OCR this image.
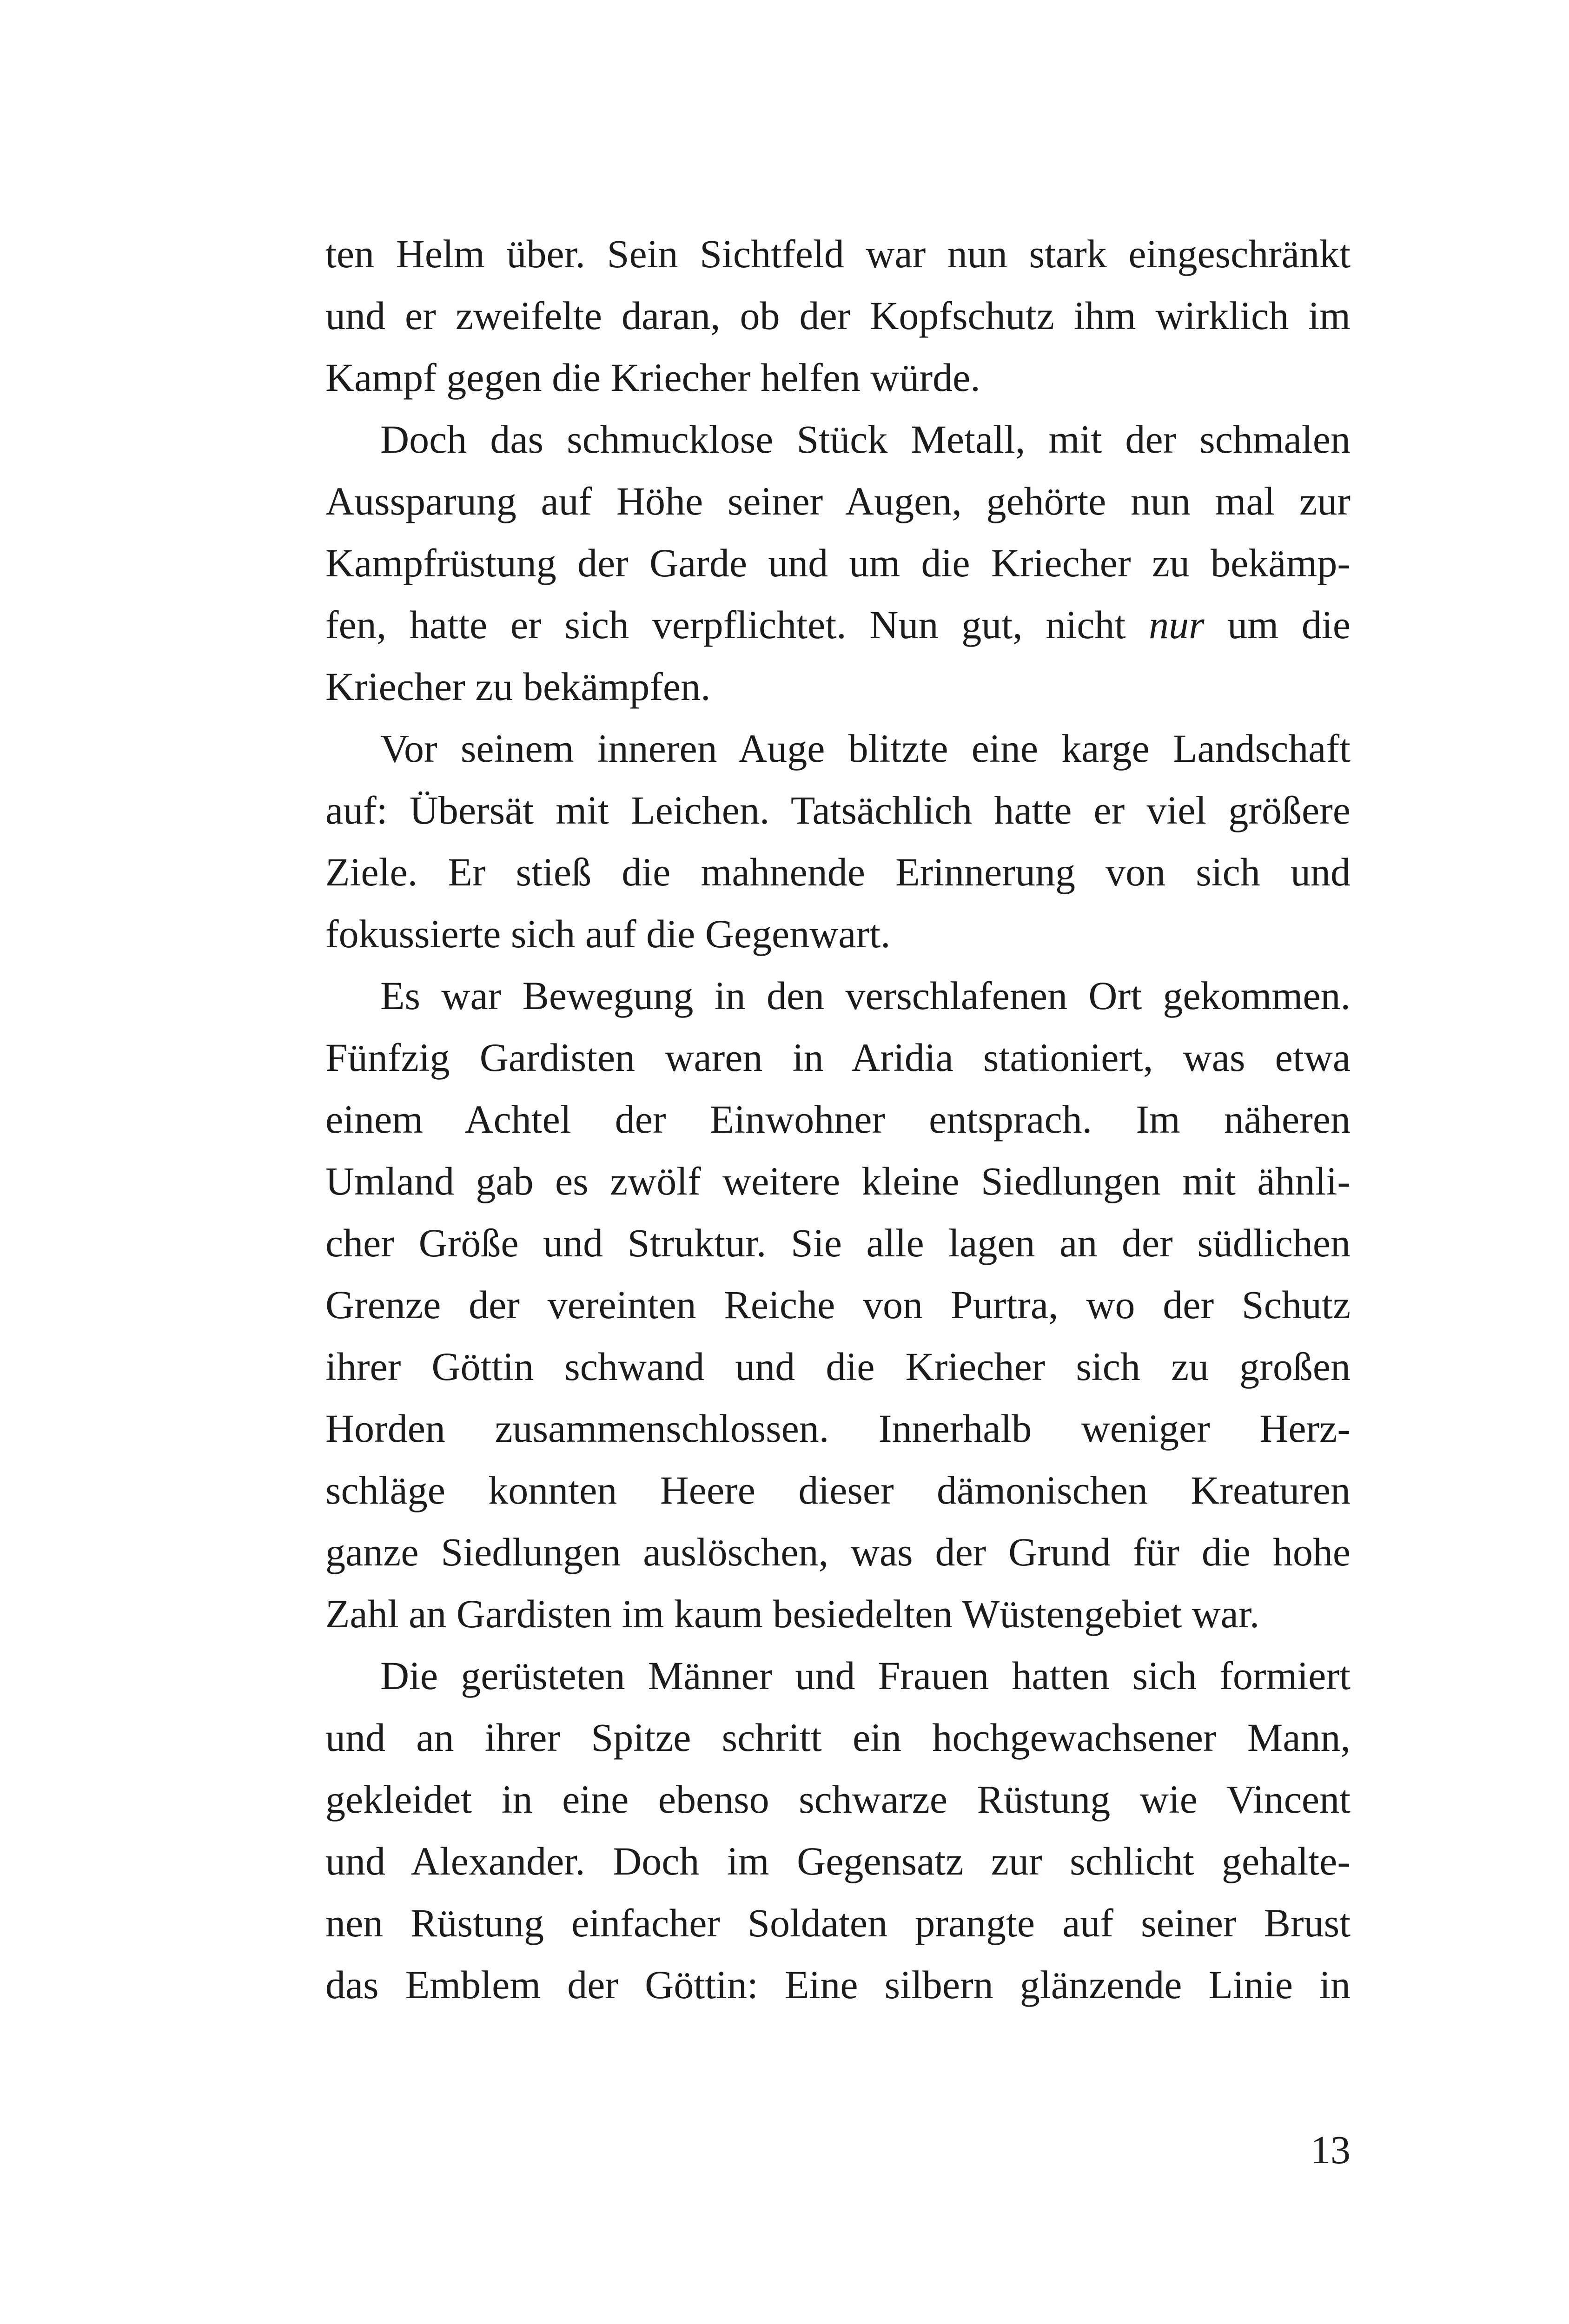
ten Helm über. Sein Sichtfeld war nun stark eingeschränkt
und er zweifelte daran, ob der Kopfschutz ihm wirklich im
Kampf gegen die Kriecher helfen würde.
Doch das schmucklose Stück Metall, mit der schmalen
Aussparung auf Höhe seiner Augen, gehörte nun mal zur
Kampfrüstung der Garde und um die Kriecher zu bekämp-
fen, hatte er sich verpflichtet. Nun gut, nicht nur um die
Kriecher zu bekämpfen.
Vor seinem inneren Auge blitzte eine karge Landschaft
auf: Übersät mit Leichen. Tatsächlich hatte er viel größere
Ziele. Er stieß die mahnende Erinnerung von sich und
fokussierte sich auf die Gegenwart.
Es war Bewegung in den verschlafenen Ort gekommen.
Fünfzig Gardisten waren in Aridia stationiert, was etwa
einem Achtel der Einwohner entsprach. Im näheren
Umland gab es zwölf weitere kleine Siedlungen mit ähnli-
cher Größe und Struktur. Sie alle lagen an der südlichen
Grenze der vereinten Reiche von Purtra, wo der Schutz
ihrer Göttin schwand und die Kriecher sich zu großen
Horden zusammenschlossen. Innerhalb weniger Herz-
schläge konnten Heere dieser dämonischen Kreaturen
ganze Siedlungen auslöschen, was der Grund für die hohe
Zahl an Gardisten im kaum besiedelten Wüstengebiet war.
Die gerüsteten Männer und Frauen hatten sich formiert
und an ihrer Spitze schritt ein hochgewachsener Mann,
gekleidet in eine ebenso schwarze Rüstung wie Vincent
und Alexander. Doch im Gegensatz zur schlicht gehalte-
nen Rüstung einfacher Soldaten prangte auf seiner Brust
das Emblem der Göttin: Eine silbern glänzende Linie in
13
